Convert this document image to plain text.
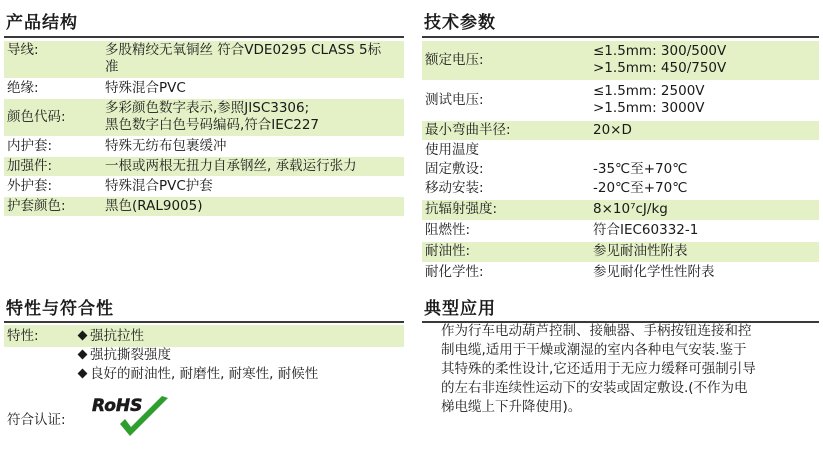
产品结构
导线:	多股精绞无氧铜丝 符合VDE0295 CLASS 5标
准
绝缘:	特殊混合PVC
颜色代码:
多彩颜色数字表示,参照JISC3306;
黑色数字白色号码编码,符合IEC227
内护套:	特殊无纺布包裹缓冲
加强件:	一根或两根无扭力自承钢丝, 承载运行张力
外护套:	特殊混合PVC护套
护套颜色:	黑色(RAL9005)
技术参数
额定电压:
≤1.5mm: 300/500V
>1.5mm: 450/750V
测试电压:
≤1.5mm: 2500V
>1.5mm: 3000V
最小弯曲半径:	20×D
使用温度
固定敷设:	-35℃至+70℃
移动安装:	-20℃至+70℃
抗辐射强度:	8×10⁷cJ/kg
阻燃性:	符合IEC60332-1
耐油性:	参见耐油性附表
耐化学性:	参见耐化学性性附表
特性与符合性
特性:	强抗拉性
强抗撕裂强度
良好的耐油性, 耐磨性, 耐寒性, 耐候性
符合认证:
RoHS
典型应用
作为行车电动葫芦控制、接触器、手柄按钮连接和控
制电缆,适用于干燥或潮湿的室内各种电气安装.鉴于
其特殊的柔性设计,它还适用于无应力缓释可强制引导
的左右非连续性运动下的安装或固定敷设.(不作为电
梯电缆上下升降使用)。
